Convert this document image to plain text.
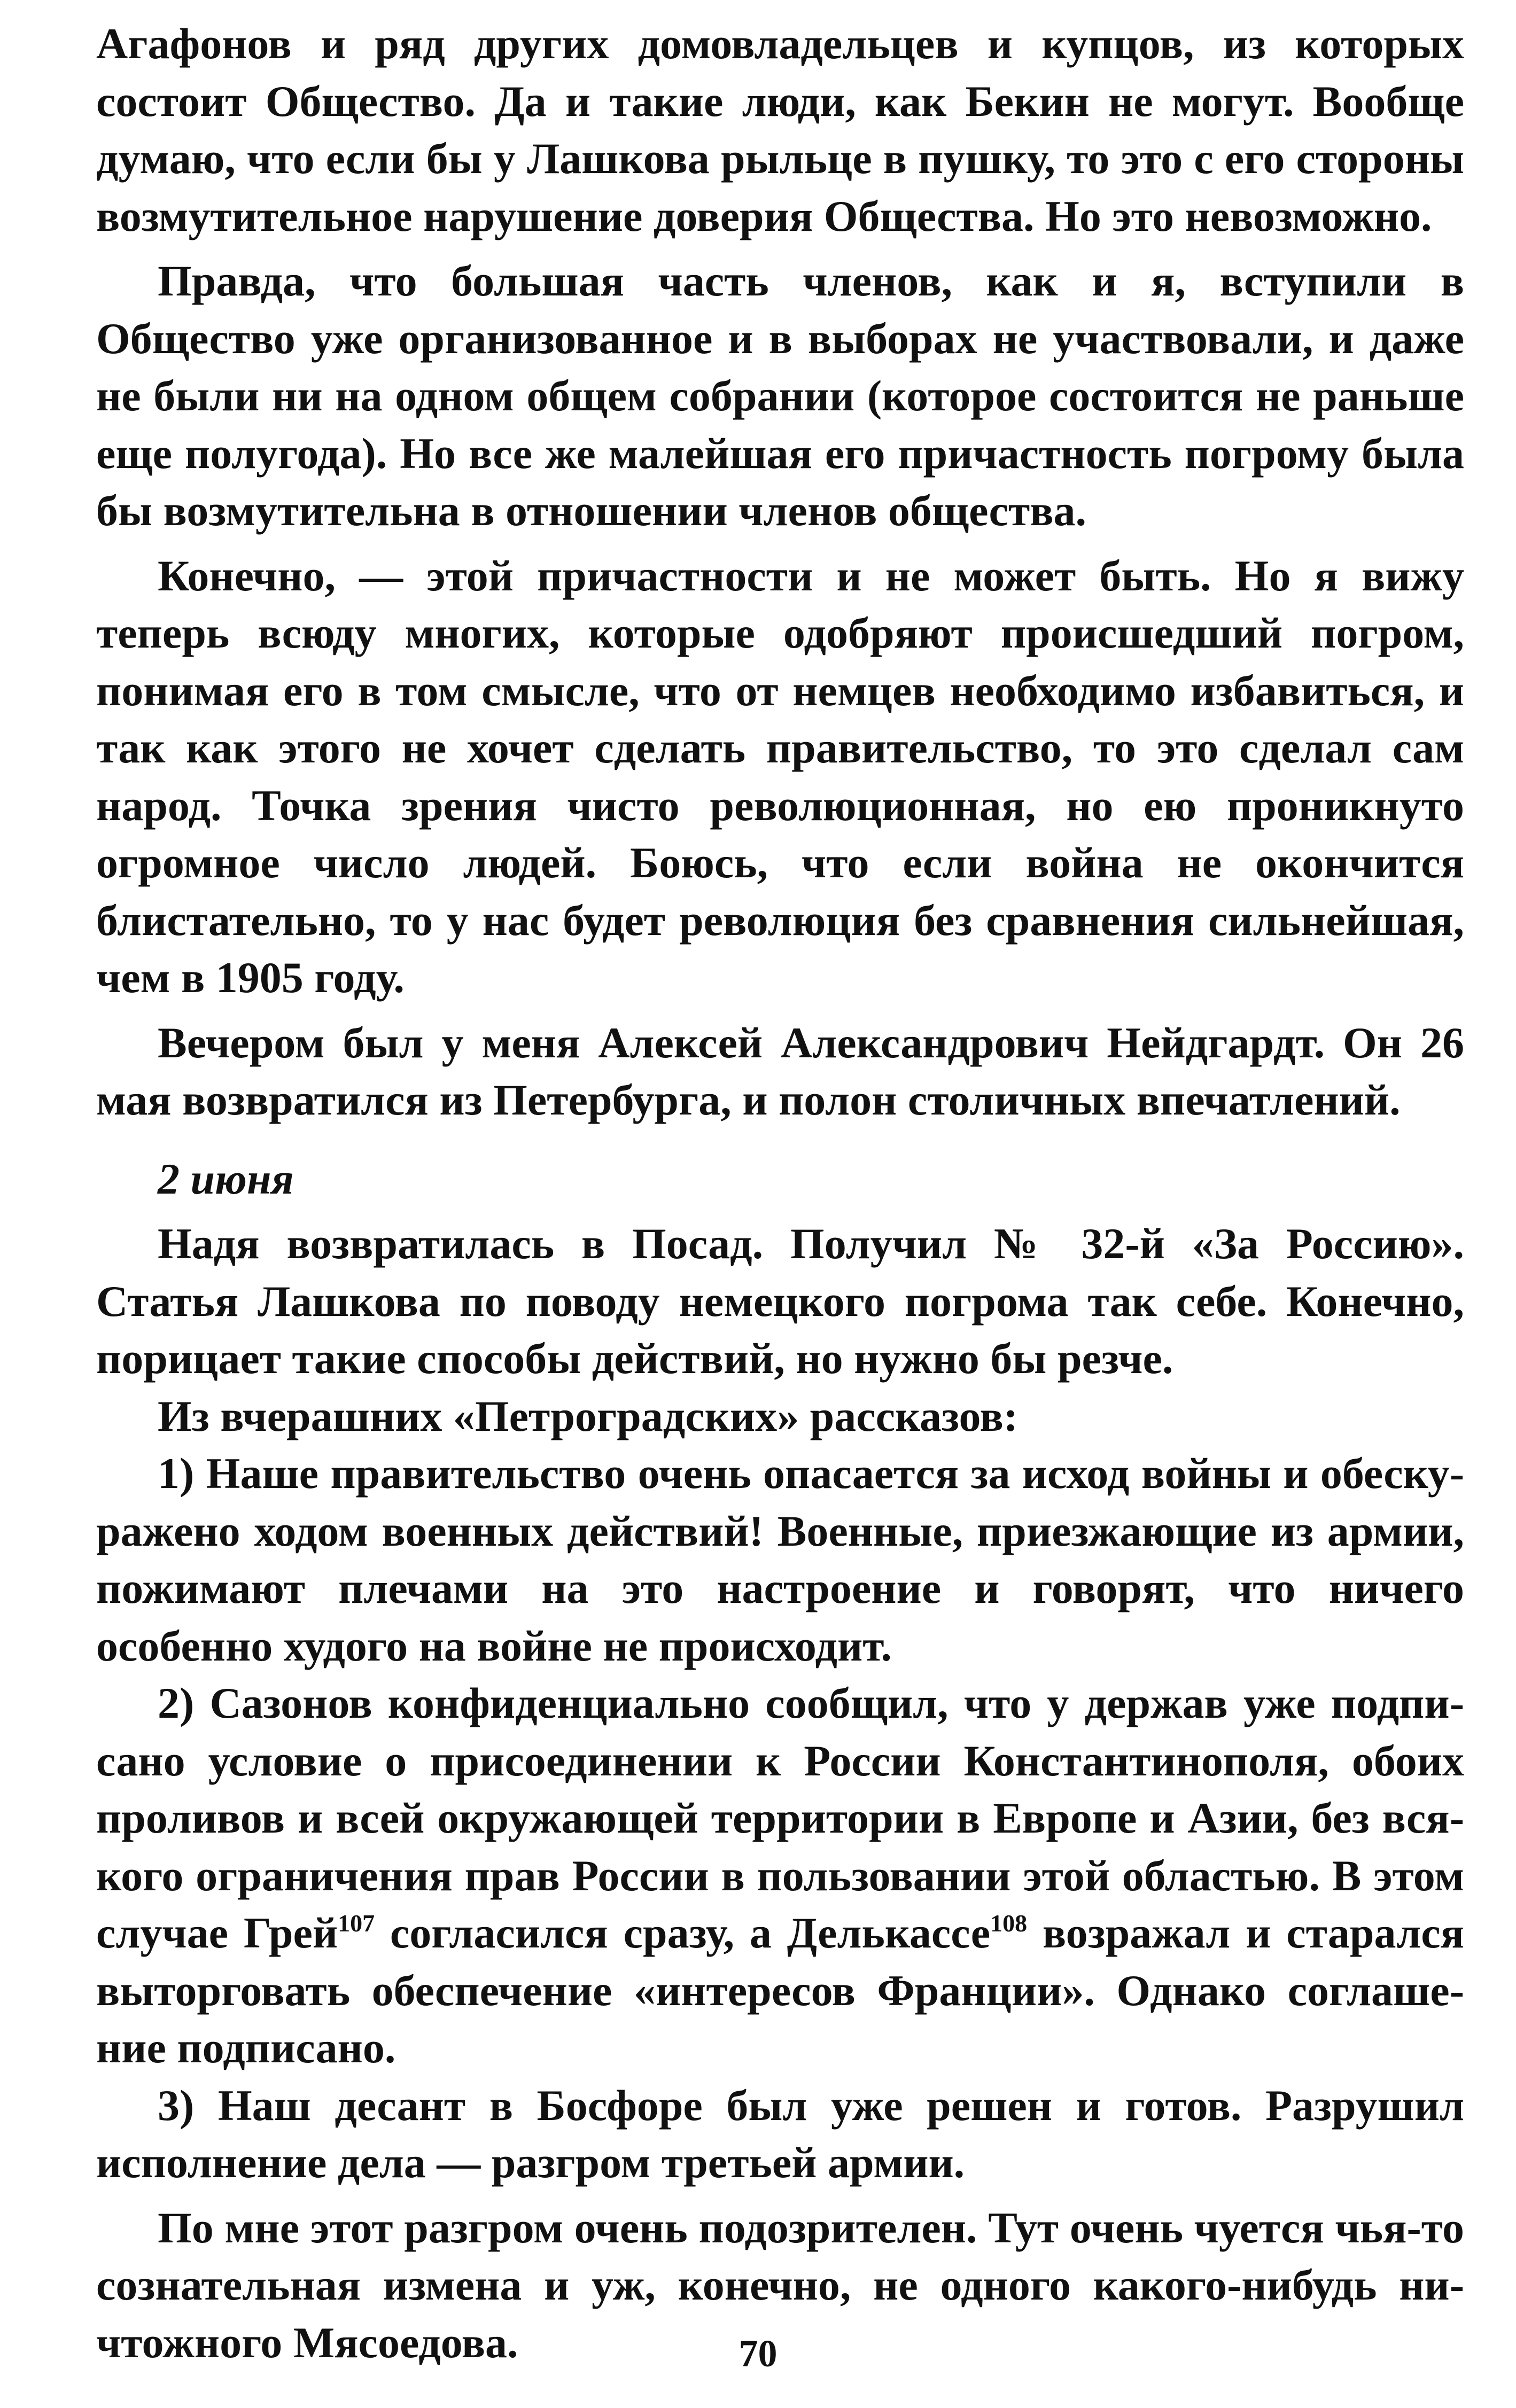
Агафонов и ряд других домовладельцев и купцов, из которых состоит Общество. Да и такие люди, как Бекин не могут. Вообще думаю, что если бы у Лашкова рыльце в пушку, то это с его стороны возмутительное нарушение доверия Общества. Но это невозможно.

Правда, что большая часть членов, как и я, вступили в Общество уже организованное и в выборах не участвовали, и даже не были ни на одном общем собрании (которое состоится не раньше еще полугода). Но все же малейшая его причастность погрому была бы возмутительна в отношении членов общества.

Конечно, — этой причастности и не может быть. Но я вижу теперь всюду многих, которые одобряют происшедший погром, понимая его в том смысле, что от немцев необходимо избавиться, и так как этого не хочет сделать правительство, то это сделал сам народ. Точка зрения чисто революционная, но ею проникнуто огромное число людей. Боюсь, что если война не окончится блистательно, то у нас будет революция без сравнения сильнейшая, чем в 1905 году.

Вечером был у меня Алексей Александрович Нейдгардт. Он 26 мая возвратился из Петербурга, и полон столичных впечатлений.

2 июня

Надя возвратилась в Посад. Получил № 32-й «За Россию». Статья Лашкова по поводу немецкого погрома так себе. Конечно, порицает такие способы действий, но нужно бы резче.

Из вчерашних «Петроградских» рассказов:

1) Наше правительство очень опасается за исход войны и обескуражено ходом военных действий! Военные, приезжающие из армии, пожимают плечами на это настроение и говорят, что ничего особенно худого на войне не происходит.

2) Сазонов конфиденциально сообщил, что у держав уже подписано условие о присоединении к России Константинополя, обоих проливов и всей окружающей территории в Европе и Азии, без всякого ограничения прав России в пользовании этой областью. В этом случае Грей$^{107}$ согласился сразу, а Делькассе$^{108}$ возражал и старался выторговать обеспечение «интересов Франции». Однако соглашение подписано.

3) Наш десант в Босфоре был уже решен и готов. Разрушил исполнение дела — разгром третьей армии.

По мне этот разгром очень подозрителен. Тут очень чуется чья-то сознательная измена и уж, конечно, не одного какого-нибудь ничтожного Мясоедова.	70
